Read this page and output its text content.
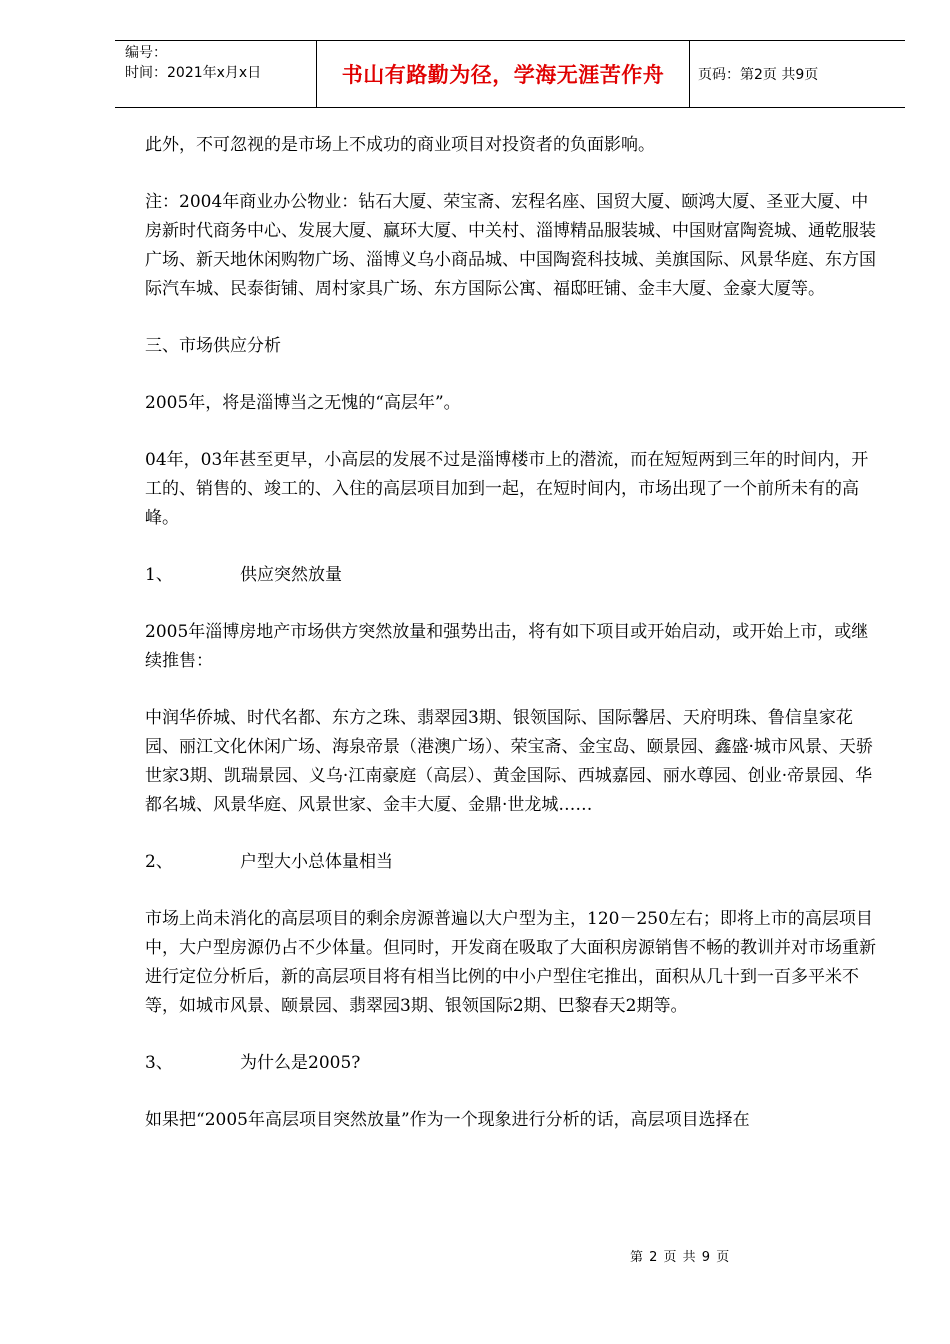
编号：
时间：2021年x月x日	书山有路勤为径，学海无涯苦作舟 页码：第2页 共9页

此外，不可忽视的是市场上不成功的商业项目对投资者的负面影响。

注：2004年商业办公物业：钻石大厦、荣宝斋、宏程名座、国贸大厦、颐鸿大厦、圣亚大厦、中房新时代商务中心、发展大厦、赢环大厦、中关村、淄博精品服装城、中国财富陶瓷城、通乾服装广场、新天地休闲购物广场、淄博义乌小商品城、中国陶瓷科技城、美旗国际、风景华庭、东方国际汽车城、民泰街铺、周村家具广场、东方国际公寓、福邸旺铺、金丰大厦、金豪大厦等。

三、市场供应分析

2005年，将是淄博当之无愧的“高层年”。

04年，03年甚至更早，小高层的发展不过是淄博楼市上的潜流，而在短短两到三年的时间内，开工的、销售的、竣工的、入住的高层项目加到一起，在短时间内，市场出现了一个前所未有的高峰。

1、	供应突然放量

2005年淄博房地产市场供方突然放量和强势出击，将有如下项目或开始启动，或开始上市，或继续推售：

中润华侨城、时代名都、东方之珠、翡翠园3期、银领国际、国际馨居、天府明珠、鲁信皇家花园、丽江文化休闲广场、海泉帝景（港澳广场）、荣宝斋、金宝岛、颐景园、鑫盛·城市风景、天骄世家3期、凯瑞景园、义乌·江南豪庭（高层）、黄金国际、西城嘉园、丽水尊园、创业·帝景园、华都名城、风景华庭、风景世家、金丰大厦、金鼎·世龙城……

2、	户型大小总体量相当

市场上尚未消化的高层项目的剩余房源普遍以大户型为主，120－250左右；即将上市的高层项目中，大户型房源仍占不少体量。但同时，开发商在吸取了大面积房源销售不畅的教训并对市场重新进行定位分析后，新的高层项目将有相当比例的中小户型住宅推出，面积从几十到一百多平米不等，如城市风景、颐景园、翡翠园3期、银领国际2期、巴黎春天2期等。

3、	为什么是2005?

如果把“2005年高层项目突然放量”作为一个现象进行分析的话，高层项目选择在

第 2 页 共 9 页
